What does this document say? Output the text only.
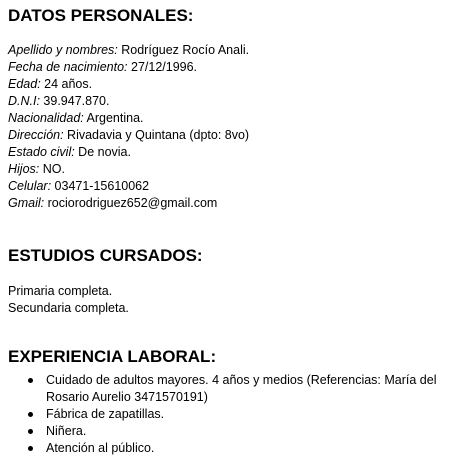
DATOS PERSONALES:
Apellido y nombres: Rodríguez Rocío Anali.
Fecha de nacimiento: 27/12/1996.
Edad: 24 años.
D.N.I: 39.947.870.
Nacionalidad: Argentina.
Dirección: Rivadavia y Quintana (dpto: 8vo)
Estado civil: De novia.
Hijos: NO.
Celular: 03471-15610062
Gmail: rociorodriguez652@gmail.com
ESTUDIOS CURSADOS:
Primaria completa.
Secundaria completa.
EXPERIENCIA LABORAL:
Cuidado de adultos mayores. 4 años y medios (Referencias: María del Rosario Aurelio 3471570191)
Fábrica de zapatillas.
Niñera.
Atención al público.
